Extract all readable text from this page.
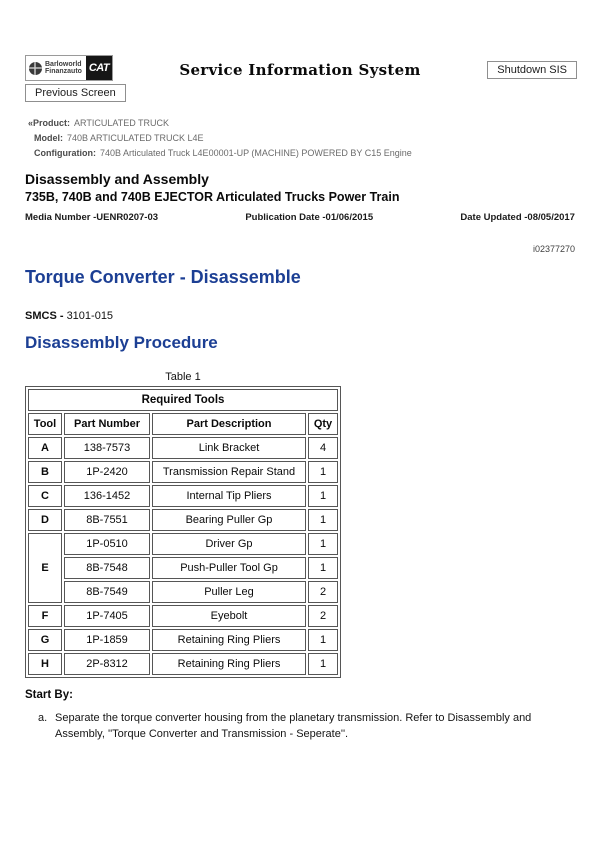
Barloworld
Finanzauto CAT	Service Information System	Shutdown SIS
Previous Screen
«Product: ARTICULATED TRUCK
Model: 740B ARTICULATED TRUCK L4E
Configuration: 740B Articulated Truck L4E00001-UP (MACHINE) POWERED BY C15 Engine
Disassembly and Assembly
735B, 740B and 740B EJECTOR Articulated Trucks Power Train
Media Number -UENR0207-03	Publication Date -01/06/2015	Date Updated -08/05/2017
i02377270
Torque Converter - Disassemble
SMCS - 3101-015
Disassembly Procedure
Table 1
Required Tools			
Tool	Part Number	Part Description	Qty
A	138-7573	Link Bracket	4
B	1P-2420	Transmission Repair Stand	1
C	136-1452	Internal Tip Pliers	1
D	8B-7551	Bearing Puller Gp	1
E	1P-0510	Driver Gp	1
	8B-7548	Push-Puller Tool Gp	1
	8B-7549	Puller Leg	2
F	1P-7405	Eyebolt	2
G	1P-1859	Retaining Ring Pliers	1
H	2P-8312	Retaining Ring Pliers	1
Start By:
a. Separate the torque converter housing from the planetary transmission. Refer to Disassembly and Assembly, ''Torque Converter and Transmission - Seperate''.
